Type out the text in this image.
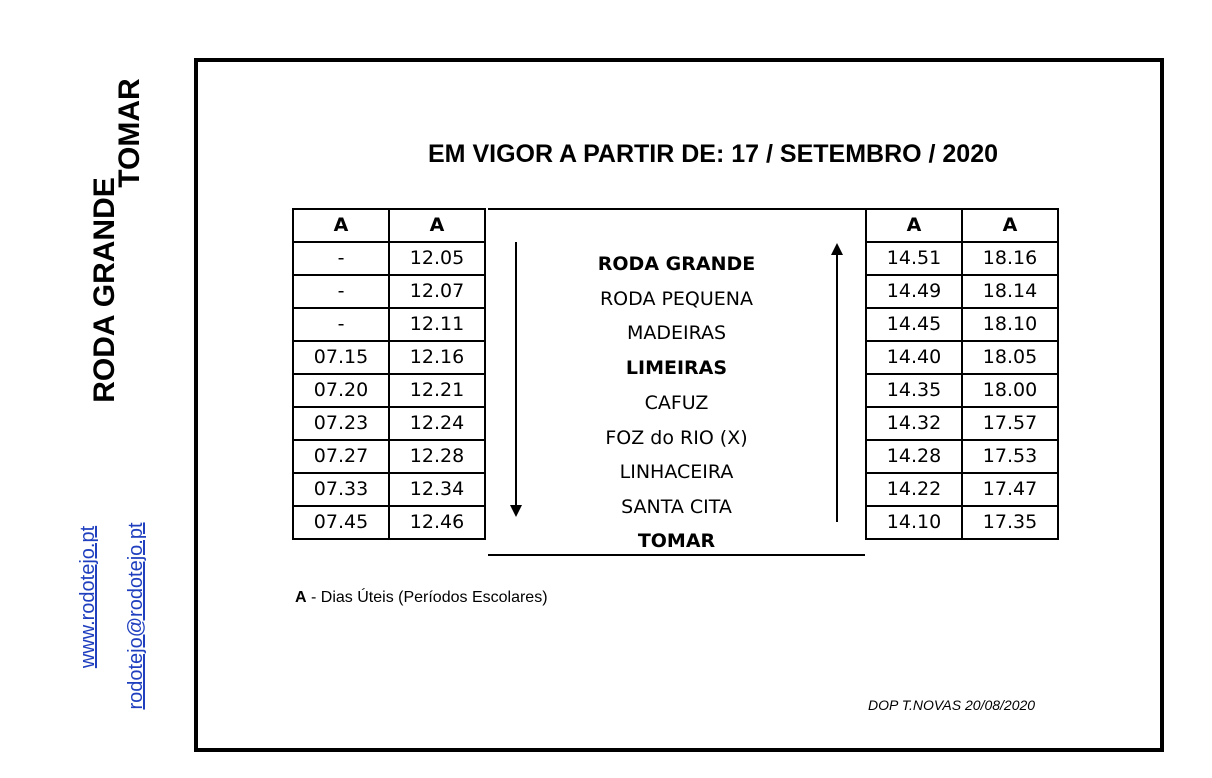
RODA GRANDE
TOMAR
www.rodotejo.pt rodotejo@rodotejo.pt
EM VIGOR A PARTIR DE: 17 / SETEMBRO / 2020
A	A
-	12.05
-	12.07
-	12.11
07.15	12.16
07.20	12.21
07.23	12.24
07.27	12.28
07.33	12.34
07.45	12.46
RODA GRANDE
RODA PEQUENA
MADEIRAS
LIMEIRAS
CAFUZ
FOZ do RIO (X)
LINHACEIRA
SANTA CITA
TOMAR
A	A
14.51	18.16
14.49	18.14
14.45	18.10
14.40	18.05
14.35	18.00
14.32	17.57
14.28	17.53
14.22	17.47
14.10	17.35
A - Dias Úteis (Períodos Escolares)
DOP T.NOVAS 20/08/2020
